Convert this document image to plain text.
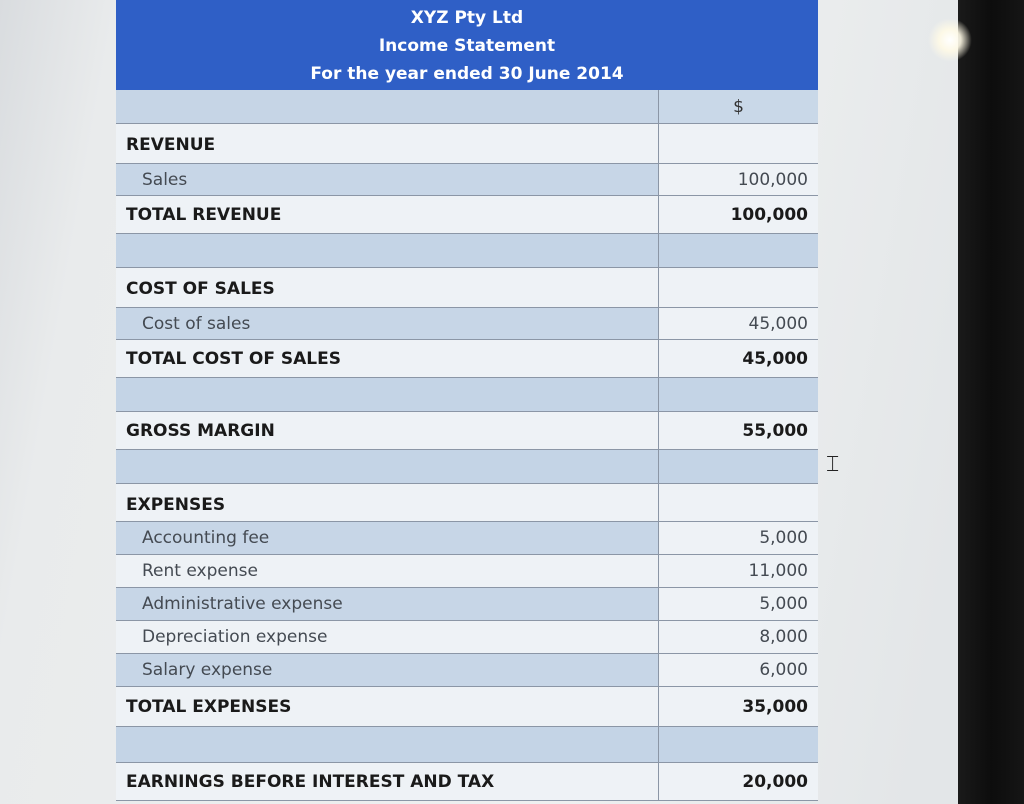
XYZ Pty Ltd
Income Statement
For the year ended 30 June 2014
$
REVENUE
Sales	100,000
TOTAL REVENUE	100,000
COST OF SALES
Cost of sales	45,000
TOTAL COST OF SALES	45,000
GROSS MARGIN	55,000
EXPENSES
Accounting fee	5,000
Rent expense	11,000
Administrative expense	5,000
Depreciation expense	8,000
Salary expense	6,000
TOTAL EXPENSES	35,000
EARNINGS BEFORE INTEREST AND TAX	20,000
⌶
